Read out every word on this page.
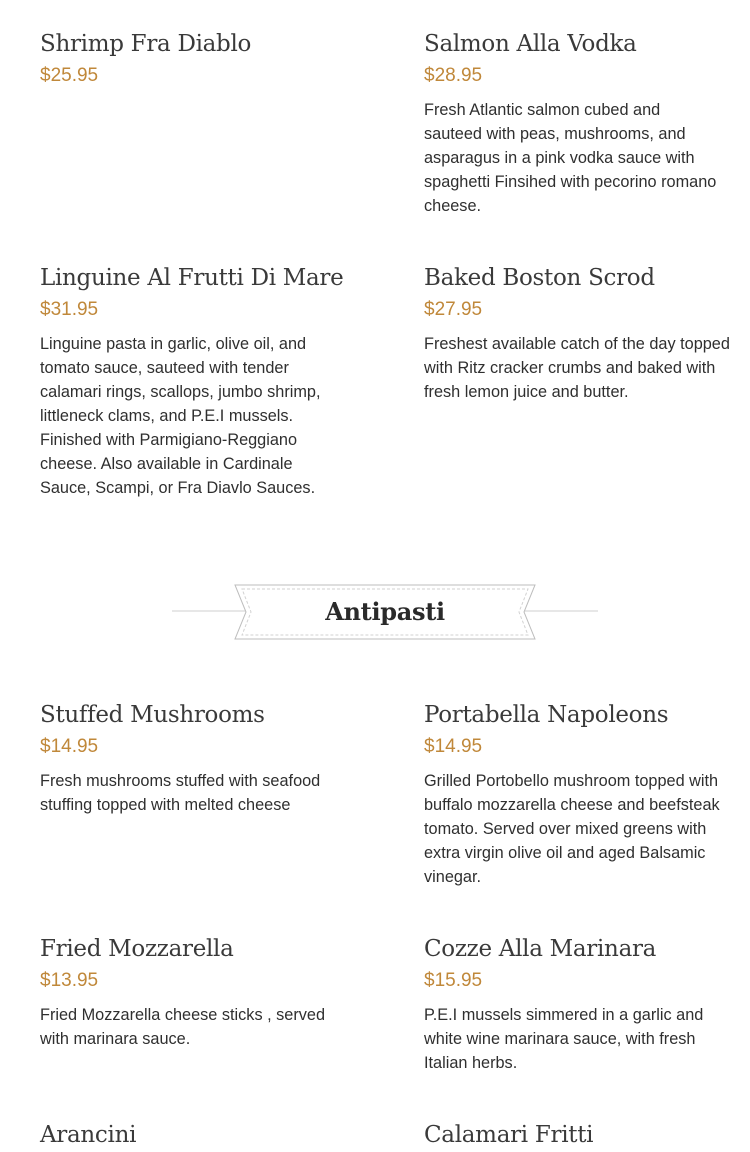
Shrimp Fra Diablo
$25.95
Salmon Alla Vodka
$28.95
Fresh Atlantic salmon cubed and sauteed with peas, mushrooms, and asparagus in a pink vodka sauce with spaghetti Finsihed with pecorino romano cheese.
Linguine Al Frutti Di Mare
$31.95
Linguine pasta in garlic, olive oil, and tomato sauce, sauteed with tender calamari rings, scallops, jumbo shrimp, littleneck clams, and P.E.I mussels. Finished with Parmigiano-Reggiano cheese. Also available in Cardinale Sauce, Scampi, or Fra Diavlo Sauces.
Baked Boston Scrod
$27.95
Freshest available catch of the day topped with Ritz cracker crumbs and baked with fresh lemon juice and butter.
Antipasti
Stuffed Mushrooms
$14.95
Fresh mushrooms stuffed with seafood stuffing topped with melted cheese
Portabella Napoleons
$14.95
Grilled Portobello mushroom topped with buffalo mozzarella cheese and beefsteak tomato. Served over mixed greens with extra virgin olive oil and aged Balsamic vinegar.
Fried Mozzarella
$13.95
Fried Mozzarella cheese sticks , served with marinara sauce.
Cozze Alla Marinara
$15.95
P.E.I mussels simmered in a garlic and white wine marinara sauce, with fresh Italian herbs.
Arancini	Calamari Fritti
